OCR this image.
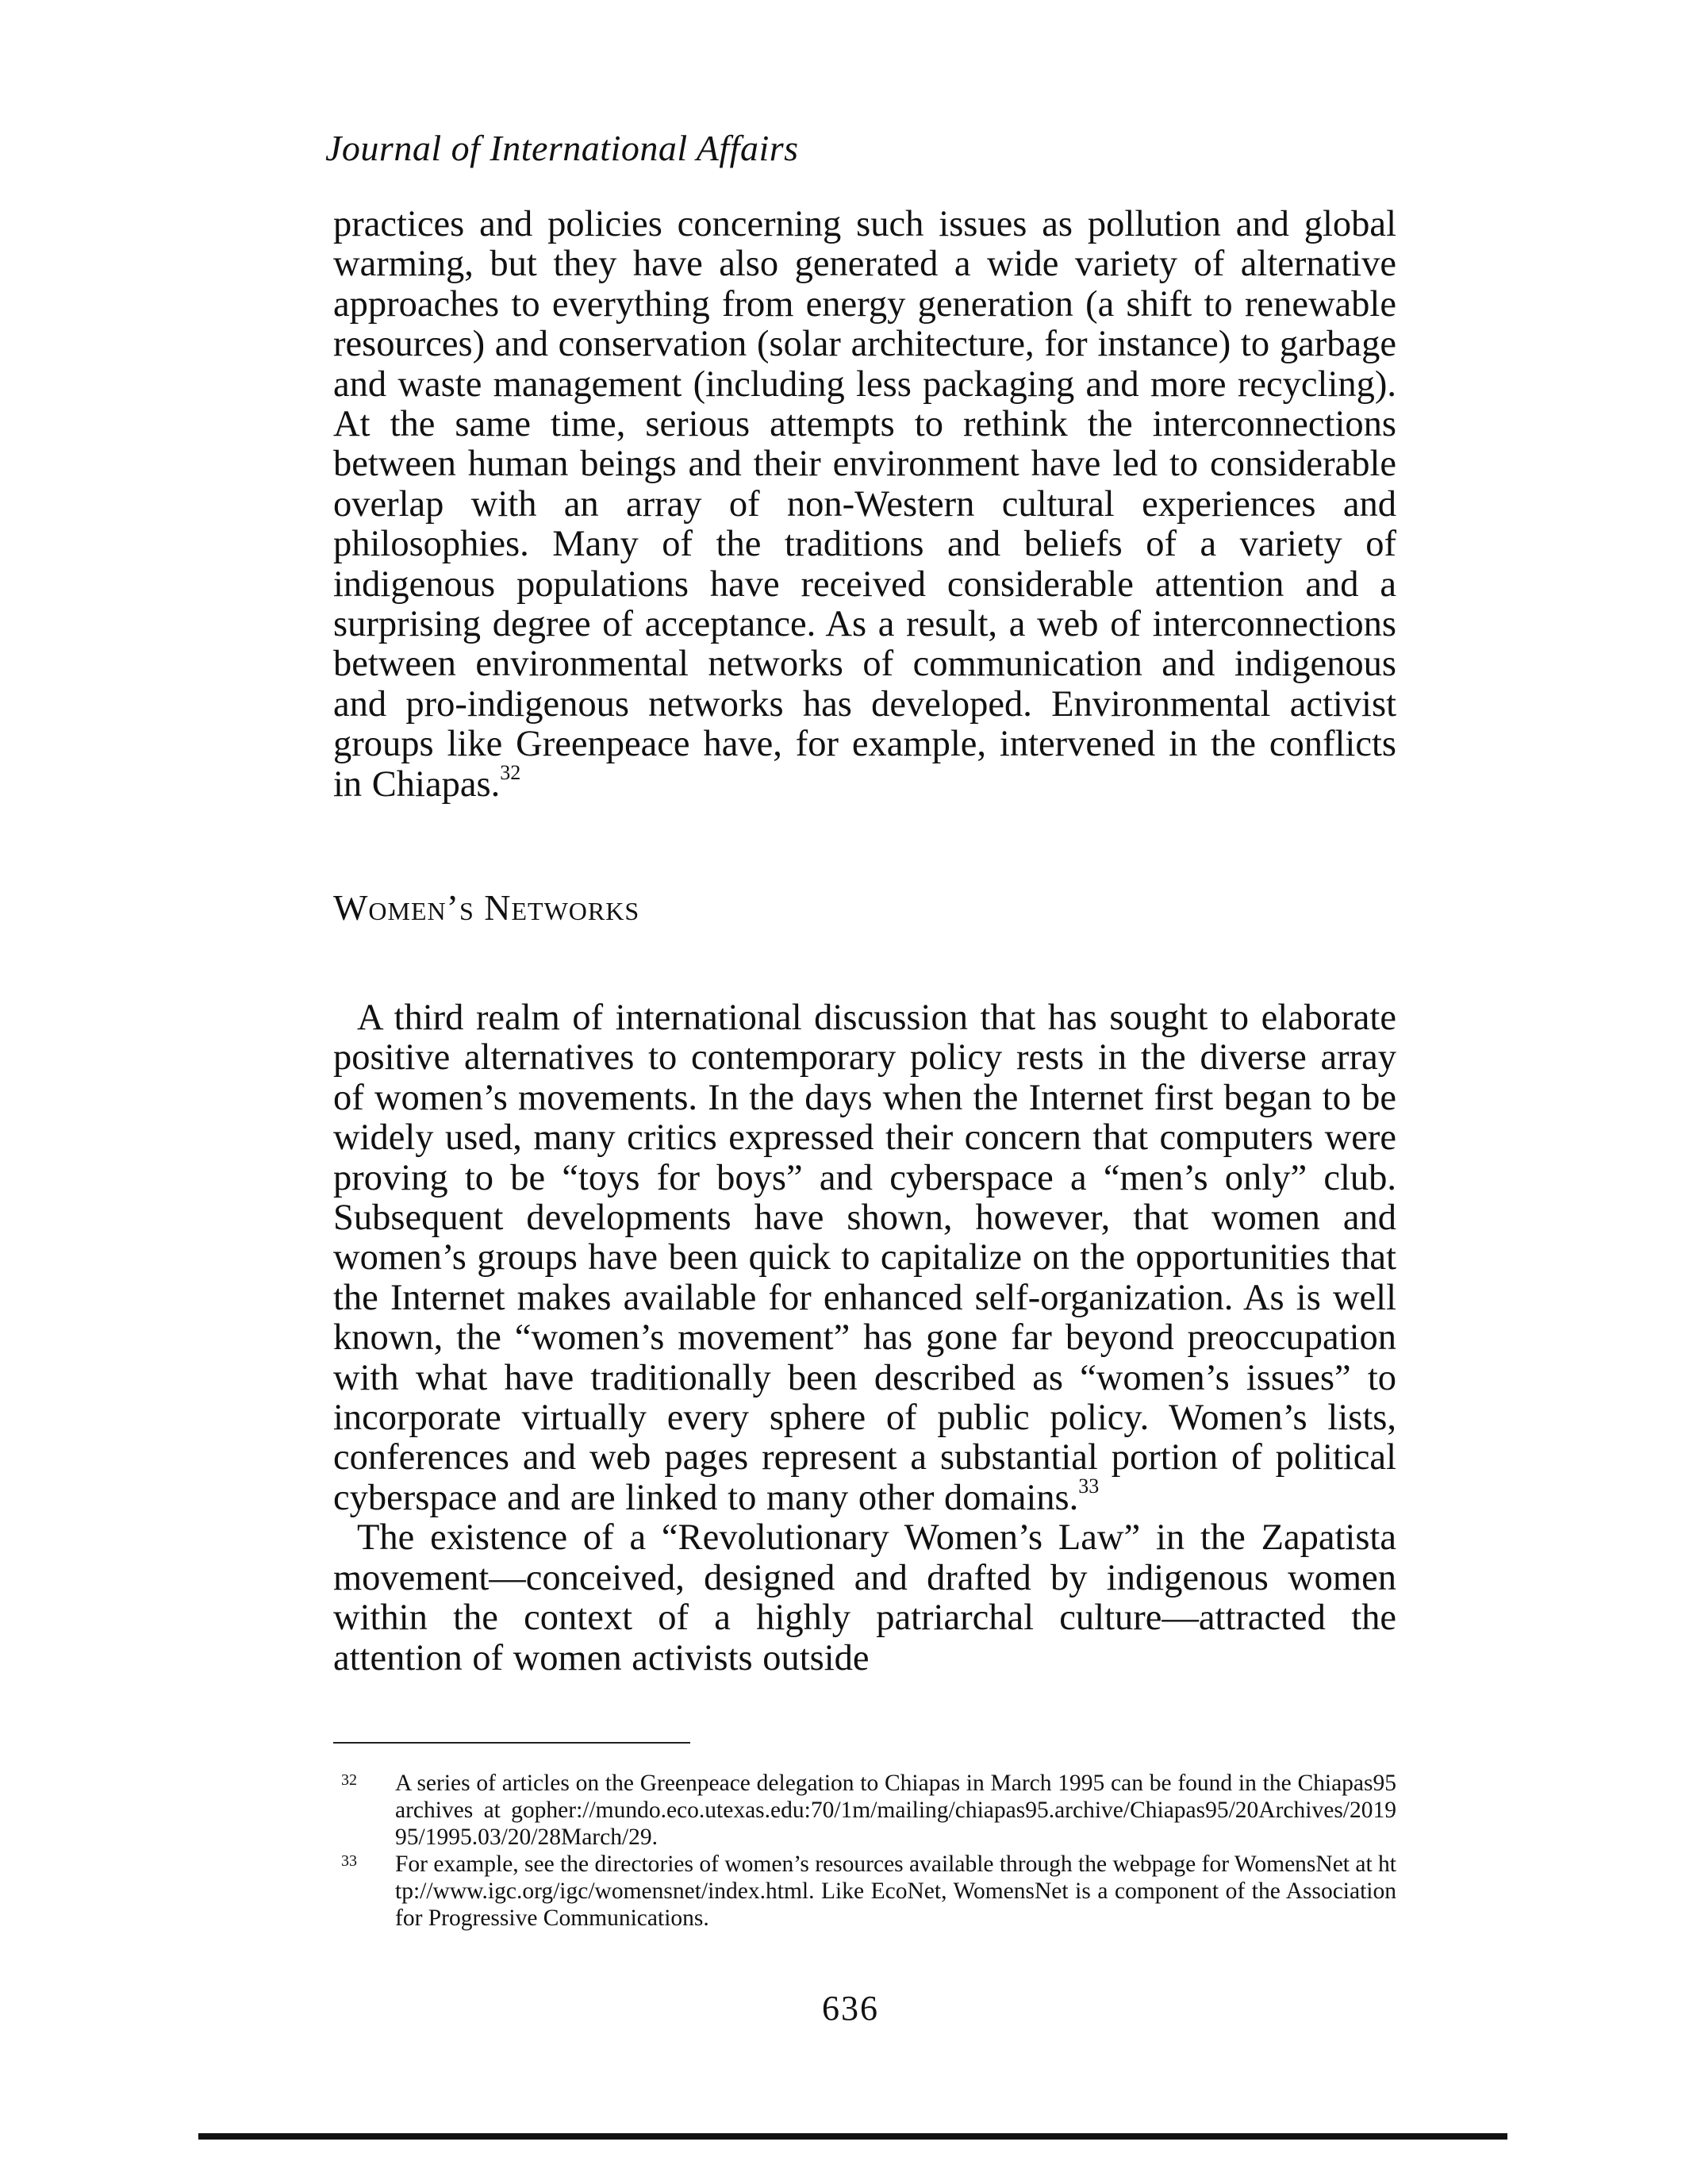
Journal of International Affairs

practices and policies concerning such issues as pollution and global warming, but they have also generated a wide variety of alternative approaches to everything from energy generation (a shift to renewable resources) and conservation (solar architecture, for instance) to garbage and waste management (including less packaging and more recycling). At the same time, serious attempts to rethink the interconnections between human beings and their environment have led to considerable overlap with an array of non-Western cultural experiences and philosophies. Many of the traditions and beliefs of a variety of indigenous populations have received considerable attention and a surprising degree of acceptance. As a result, a web of interconnections between environmental networks of communication and indigenous and pro-indigenous networks has developed. Environmental activist groups like Greenpeace have, for example, intervened in the conflicts in Chiapas.$^{32}$

Women’s Networks

A third realm of international discussion that has sought to elaborate positive alternatives to contemporary policy rests in the diverse array of women’s movements. In the days when the Internet first began to be widely used, many critics expressed their concern that computers were proving to be “toys for boys” and cyberspace a “men’s only” club. Subsequent developments have shown, however, that women and women’s groups have been quick to capitalize on the opportunities that the Internet makes available for enhanced self-organization. As is well known, the “women’s movement” has gone far beyond preoccupation with what have traditionally been described as “women’s issues” to incorporate virtually every sphere of public policy. Women’s lists, conferences and web pages represent a substantial portion of political cyberspace and are linked to many other domains.$^{33}$

The existence of a “Revolutionary Women’s Law” in the Zapatista movement—conceived, designed and drafted by indigenous women within the context of a highly patriarchal culture—attracted the attention of women activists outside

32 A series of articles on the Greenpeace delegation to Chiapas in March 1995 can be found in the Chiapas95 archives at gopher://mundo.eco.utexas.edu:70/1m/mailing/chiapas95.archive/Chiapas95/20Archives/201995/1995.03/20/28March/29.
33 For example, see the directories of women’s resources available through the webpage for WomensNet at http://www.igc.org/igc/womensnet/index.html. Like EcoNet, WomensNet is a component of the Association for Progressive Communications.
636
